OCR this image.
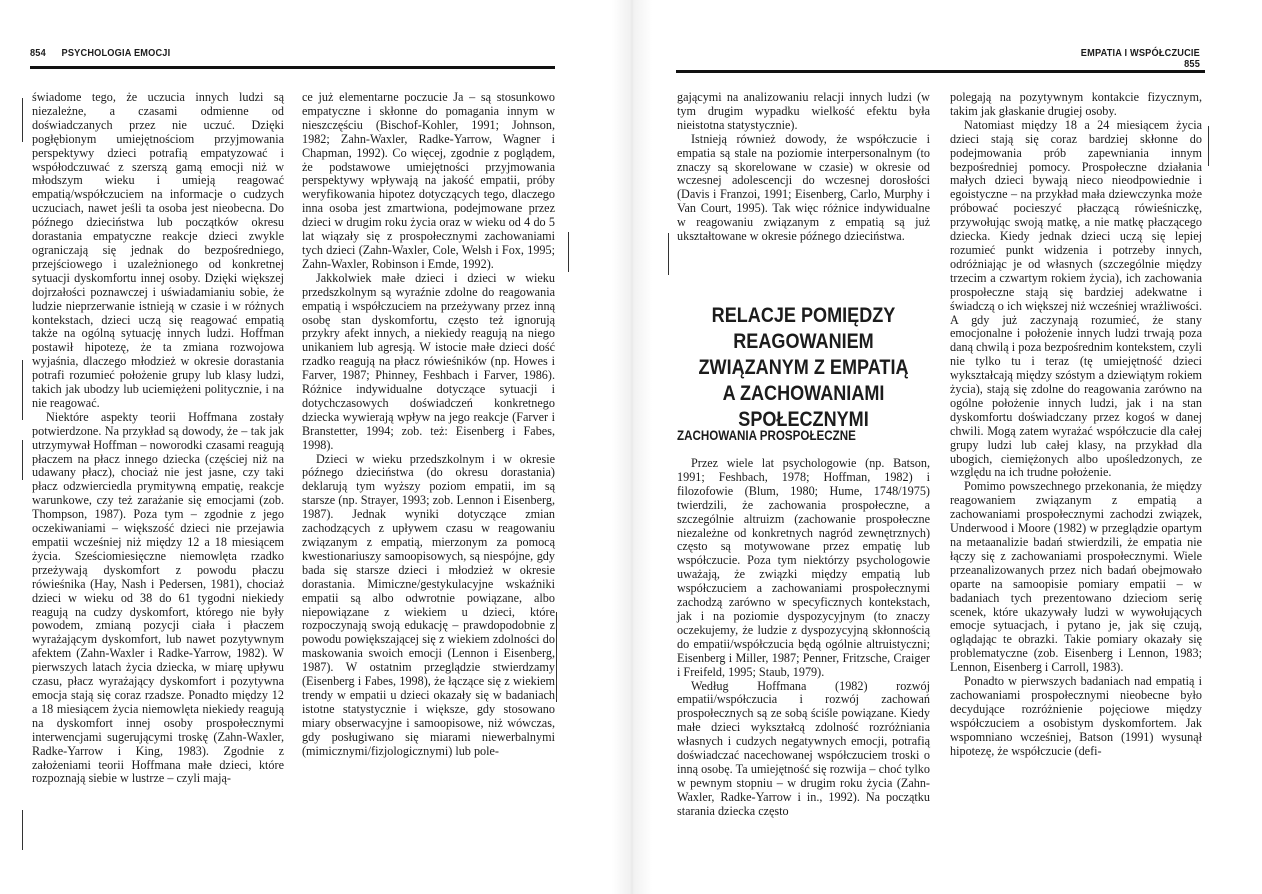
854 PSYCHOLOGIA EMOCJI	EMPATIA I WSPÓŁCZUCIE 855

świadome tego, że uczucia innych ludzi są niezależne, a czasami odmienne od doświadczanych przez nie uczuć. Dzięki pogłębionym umiejętnościom przyjmowania perspektywy dzieci potrafią empatyzować i współodczuwać z szerszą gamą emocji niż w młodszym wieku i umieją reagować empatią/współczuciem na informacje o cudzych uczuciach, nawet jeśli ta osoba jest nieobecna. Do późnego dzieciństwa lub początków okresu dorastania empatyczne reakcje dzieci zwykle ograniczają się jednak do bezpośredniego, przejściowego i uzależnionego od konkretnej sytuacji dyskomfortu innej osoby. Dzięki większej dojrzałości poznawczej i uświadamianiu sobie, że ludzie nieprzerwanie istnieją w czasie i w różnych kontekstach, dzieci uczą się reagować empatią także na ogólną sytuację innych ludzi. Hoffman postawił hipotezę, że ta zmiana rozwojowa wyjaśnia, dlaczego młodzież w okresie dorastania potrafi rozumieć położenie grupy lub klasy ludzi, takich jak ubodzy lub uciemiężeni politycznie, i na nie reagować.

Niektóre aspekty teorii Hoffmana zostały potwierdzone. Na przykład są dowody, że – tak jak utrzymywał Hoffman – noworodki czasami reagują płaczem na płacz innego dziecka (częściej niż na udawany płacz), chociaż nie jest jasne, czy taki płacz odzwierciedla prymitywną empatię, reakcje warunkowe, czy też zarażanie się emocjami (zob. Thompson, 1987). Poza tym – zgodnie z jego oczekiwaniami – większość dzieci nie przejawia empatii wcześniej niż między 12 a 18 miesiącem życia. Sześciomiesięczne niemowlęta rzadko przeżywają dyskomfort z powodu płaczu rówieśnika (Hay, Nash i Pedersen, 1981), chociaż dzieci w wieku od 38 do 61 tygodni niekiedy reagują na cudzy dyskomfort, którego nie były powodem, zmianą pozycji ciała i płaczem wyrażającym dyskomfort, lub nawet pozytywnym afektem (Zahn-Waxler i Radke-Yarrow, 1982). W pierwszych latach życia dziecka, w miarę upływu czasu, płacz wyrażający dyskomfort i pozytywna emocja stają się coraz rzadsze. Ponadto między 12 a 18 miesiącem życia niemowlęta niekiedy reagują na dyskomfort innej osoby prospołecznymi interwencjami sugerującymi troskę (Zahn-Waxler, Radke-Yarrow i King, 1983). Zgodnie z założeniami teorii Hoffmana małe dzieci, które rozpoznają siebie w lustrze – czyli mają-

ce już elementarne poczucie Ja – są stosunkowo empatyczne i skłonne do pomagania innym w nieszczęściu (Bischof-Kohler, 1991; Johnson, 1982; Zahn-Waxler, Radke-Yarrow, Wagner i Chapman, 1992). Co więcej, zgodnie z poglądem, że podstawowe umiejętności przyjmowania perspektywy wpływają na jakość empatii, próby weryfikowania hipotez dotyczących tego, dlaczego inna osoba jest zmartwiona, podejmowane przez dzieci w drugim roku życia oraz w wieku od 4 do 5 lat wiązały się z prospołecznymi zachowaniami tych dzieci (Zahn-Waxler, Cole, Welsh i Fox, 1995; Zahn-Waxler, Robinson i Emde, 1992).

Jakkolwiek małe dzieci i dzieci w wieku przedszkolnym są wyraźnie zdolne do reagowania empatią i współczuciem na przeżywany przez inną osobę stan dyskomfortu, często też ignorują przykry afekt innych, a niekiedy reagują na niego unikaniem lub agresją. W istocie małe dzieci dość rzadko reagują na płacz rówieśników (np. Howes i Farver, 1987; Phinney, Feshbach i Farver, 1986). Różnice indywidualne dotyczące sytuacji i dotychczasowych doświadczeń konkretnego dziecka wywierają wpływ na jego reakcje (Farver i Branstetter, 1994; zob. też: Eisenberg i Fabes, 1998).

Dzieci w wieku przedszkolnym i w okresie późnego dzieciństwa (do okresu dorastania) deklarują tym wyższy poziom empatii, im są starsze (np. Strayer, 1993; zob. Lennon i Eisenberg, 1987). Jednak wyniki dotyczące zmian zachodzących z upływem czasu w reagowaniu związanym z empatią, mierzonym za pomocą kwestionariuszy samoopisowych, są niespójne, gdy bada się starsze dzieci i młodzież w okresie dorastania. Mimiczne/gestykulacyjne wskaźniki empatii są albo odwrotnie powiązane, albo niepowiązane z wiekiem u dzieci, które rozpoczynają swoją edukację – prawdopodobnie z powodu powiększającej się z wiekiem zdolności do maskowania swoich emocji (Lennon i Eisenberg, 1987). W ostatnim przeglądzie stwierdzamy (Eisenberg i Fabes, 1998), że łączące się z wiekiem trendy w empatii u dzieci okazały się w badaniach istotne statystycznie i większe, gdy stosowano miary obserwacyjne i samoopisowe, niż wówczas, gdy posługiwano się miarami niewerbalnymi (mimicznymi/fizjologicznymi) lub pole-

gającymi na analizowaniu relacji innych ludzi (w tym drugim wypadku wielkość efektu była nieistotna statystycznie).

Istnieją również dowody, że współczucie i empatia są stale na poziomie interpersonalnym (to znaczy są skorelowane w czasie) w okresie od wczesnej adolescencji do wczesnej dorosłości (Davis i Franzoi, 1991; Eisenberg, Carlo, Murphy i Van Court, 1995). Tak więc różnice indywidualne w reagowaniu związanym z empatią są już ukształtowane w okresie późnego dzieciństwa.

RELACJE POMIĘDZY REAGOWANIEM ZWIĄZANYM Z EMPATIĄ A ZACHOWANIAMI SPOŁECZNYMI
ZACHOWANIA PROSPOŁECZNE

Przez wiele lat psychologowie (np. Batson, 1991; Feshbach, 1978; Hoffman, 1982) i filozofowie (Blum, 1980; Hume, 1748/1975) twierdzili, że zachowania prospołeczne, a szczególnie altruizm (zachowanie prospołeczne niezależne od konkretnych nagród zewnętrznych) często są motywowane przez empatię lub współczucie. Poza tym niektórzy psychologowie uważają, że związki między empatią lub współczuciem a zachowaniami prospołecznymi zachodzą zarówno w specyficznych kontekstach, jak i na poziomie dyspozycyjnym (to znaczy oczekujemy, że ludzie z dyspozycyjną skłonnością do empatii/współczucia będą ogólnie altruistyczni; Eisenberg i Miller, 1987; Penner, Fritzsche, Craiger i Freifeld, 1995; Staub, 1979).

Według Hoffmana (1982) rozwój empatii/współczucia i rozwój zachowań prospołecznych są ze sobą ściśle powiązane. Kiedy małe dzieci wykształcą zdolność rozróżniania własnych i cudzych negatywnych emocji, potrafią doświadczać nacechowanej współczuciem troski o inną osobę. Ta umiejętność się rozwija – choć tylko w pewnym stopniu – w drugim roku życia (Zahn-Waxler, Radke-Yarrow i in., 1992). Na początku starania dziecka często

polegają na pozytywnym kontakcie fizycznym, takim jak głaskanie drugiej osoby.

Natomiast między 18 a 24 miesiącem życia dzieci stają się coraz bardziej skłonne do podejmowania prób zapewniania innym bezpośredniej pomocy. Prospołeczne działania małych dzieci bywają nieco nieodpowiednie i egoistyczne – na przykład mała dziewczynka może próbować pocieszyć płaczącą rówieśniczkę, przywołując swoją matkę, a nie matkę płaczącego dziecka. Kiedy jednak dzieci uczą się lepiej rozumieć punkt widzenia i potrzeby innych, odróżniając je od własnych (szczególnie między trzecim a czwartym rokiem życia), ich zachowania prospołeczne stają się bardziej adekwatne i świadczą o ich większej niż wcześniej wrażliwości. A gdy już zaczynają rozumieć, że stany emocjonalne i położenie innych ludzi trwają poza daną chwilą i poza bezpośrednim kontekstem, czyli nie tylko tu i teraz (tę umiejętność dzieci wykształcają między szóstym a dziewiątym rokiem życia), stają się zdolne do reagowania zarówno na ogólne położenie innych ludzi, jak i na stan dyskomfortu doświadczany przez kogoś w danej chwili. Mogą zatem wyrażać współczucie dla całej grupy ludzi lub całej klasy, na przykład dla ubogich, ciemiężonych albo upośledzonych, ze względu na ich trudne położenie.

Pomimo powszechnego przekonania, że między reagowaniem związanym z empatią a zachowaniami prospołecznymi zachodzi związek, Underwood i Moore (1982) w przeglądzie opartym na metaanalizie badań stwierdzili, że empatia nie łączy się z zachowaniami prospołecznymi. Wiele przeanalizowanych przez nich badań obejmowało oparte na samoopisie pomiary empatii – w badaniach tych prezentowano dzieciom serię scenek, które ukazywały ludzi w wywołujących emocje sytuacjach, i pytano je, jak się czują, oglądając te obrazki. Takie pomiary okazały się problematyczne (zob. Eisenberg i Lennon, 1983; Lennon, Eisenberg i Carroll, 1983).

Ponadto w pierwszych badaniach nad empatią i zachowaniami prospołecznymi nieobecne było decydujące rozróżnienie pojęciowe między współczuciem a osobistym dyskomfortem. Jak wspomniano wcześniej, Batson (1991) wysunął hipotezę, że współczucie (defi-
